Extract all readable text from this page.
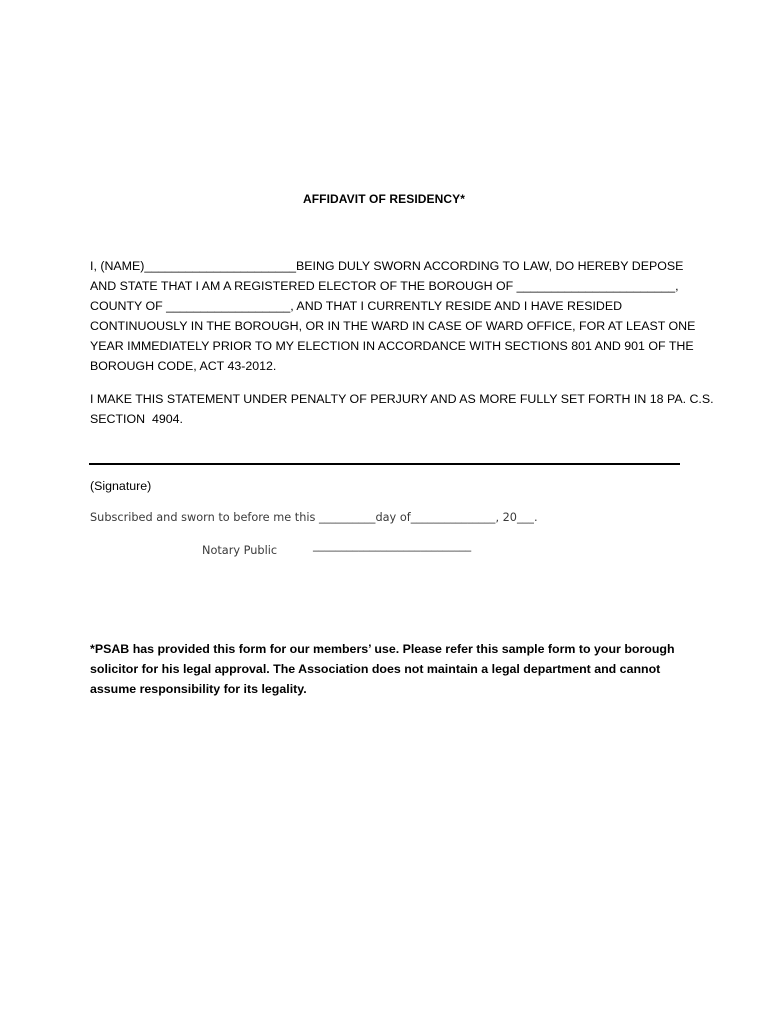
AFFIDAVIT OF RESIDENCY*
I, (NAME)______________________BEING DULY SWORN ACCORDING TO LAW, DO HEREBY DEPOSE
AND STATE THAT I AM A REGISTERED ELECTOR OF THE BOROUGH OF _______________________,
COUNTY OF __________________, AND THAT I CURRENTLY RESIDE AND I HAVE RESIDED
CONTINUOUSLY IN THE BOROUGH, OR IN THE WARD IN CASE OF WARD OFFICE, FOR AT LEAST ONE
YEAR IMMEDIATELY PRIOR TO MY ELECTION IN ACCORDANCE WITH SECTIONS 801 AND 901 OF THE
BOROUGH CODE, ACT 43-2012.
I MAKE THIS STATEMENT UNDER PENALTY OF PERJURY AND AS MORE FULLY SET FORTH IN 18 PA. C.S.
SECTION  4904.
(Signature)
Subscribed and sworn to before me this __________day of_______________, 20___.
____________________________
Notary Public
*PSAB has provided this form for our members’ use. Please refer this sample form to your borough
solicitor for his legal approval. The Association does not maintain a legal department and cannot
assume responsibility for its legality.
